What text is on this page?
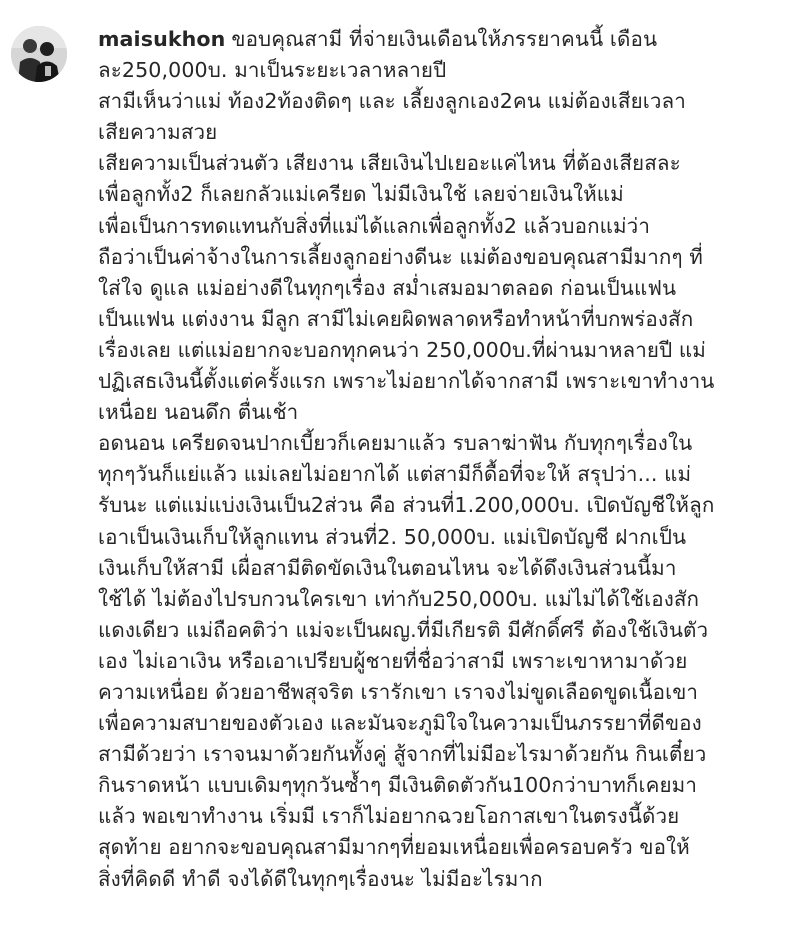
maisukhon ขอบคุณสามี ที่จ่ายเงินเดือนให้ภรรยาคนนี้ เดือน
ละ250,000บ. มาเป็นระยะเวลาหลายปี
สามีเห็นว่าแม่ ท้อง2ท้องติดๆ และ เลี้ยงลูกเอง2คน แม่ต้องเสียเวลา
เสียความสวย
เสียความเป็นส่วนตัว เสียงาน เสียเงินไปเยอะแค่ไหน ที่ต้องเสียสละ
เพื่อลูกทั้ง2 ก็เลยกลัวแม่เครียด ไม่มีเงินใช้ เลยจ่ายเงินให้แม่
เพื่อเป็นการทดแทนกับสิ่งที่แม่ได้แลกเพื่อลูกทั้ง2 แล้วบอกแม่ว่า
ถือว่าเป็นค่าจ้างในการเลี้ยงลูกอย่างดีนะ แม่ต้องขอบคุณสามีมากๆ ที่
ใส่ใจ ดูแล แม่อย่างดีในทุกๆเรื่อง สม่ำเสมอมาตลอด ก่อนเป็นแฟน
เป็นแฟน แต่งงาน มีลูก สามีไม่เคยผิดพลาดหรือทำหน้าที่บกพร่องสัก
เรื่องเลย แต่แม่อยากจะบอกทุกคนว่า 250,000บ.ที่ผ่านมาหลายปี แม่
ปฏิเสธเงินนี้ตั้งแต่ครั้งแรก เพราะไม่อยากได้จากสามี เพราะเขาทำงาน
เหนื่อย นอนดึก ตื่นเช้า
อดนอน เครียดจนปากเบี้ยวก็เคยมาแล้ว รบลาฆ่าฟัน กับทุกๆเรื่องใน
ทุกๆวันก็แย่แล้ว แม่เลยไม่อยากได้ แต่สามีก็ดื้อที่จะให้ สรุปว่า... แม่
รับนะ แต่แม่แบ่งเงินเป็น2ส่วน คือ ส่วนที่1.200,000บ. เปิดบัญชีให้ลูก
เอาเป็นเงินเก็บให้ลูกแทน ส่วนที่2. 50,000บ. แม่เปิดบัญชี ฝากเป็น
เงินเก็บให้สามี เผื่อสามีติดขัดเงินในตอนไหน จะได้ดึงเงินส่วนนี้มา
ใช้ได้ ไม่ต้องไปรบกวนใครเขา เท่ากับ250,000บ. แม่ไม่ได้ใช้เองสัก
แดงเดียว แม่ถือคติว่า แม่จะเป็นผญ.ที่มีเกียรติ มีศักดิ์ศรี ต้องใช้เงินตัว
เอง ไม่เอาเงิน หรือเอาเปรียบผู้ชายที่ชื่อว่าสามี เพราะเขาหามาด้วย
ความเหนื่อย ด้วยอาชีพสุจริต เรารักเขา เราจงไม่ขูดเลือดขูดเนื้อเขา
เพื่อความสบายของตัวเอง และมันจะภูมิใจในความเป็นภรรยาที่ดีของ
สามีด้วยว่า เราจนมาด้วยกันทั้งคู่ สู้จากที่ไม่มีอะไรมาด้วยกัน กินเตี๋ยว
กินราดหน้า แบบเดิมๆทุกวันซ้ำๆ มีเงินติดตัวกัน100กว่าบาทก็เคยมา
แล้ว พอเขาทำงาน เริ่มมี เราก็ไม่อยากฉวยโอกาสเขาในตรงนี้ด้วย
สุดท้าย อยากจะขอบคุณสามีมากๆที่ยอมเหนื่อยเพื่อครอบครัว ขอให้
สิ่งที่คิดดี ทำดี จงได้ดีในทุกๆเรื่องนะ ไม่มีอะไรมาก
